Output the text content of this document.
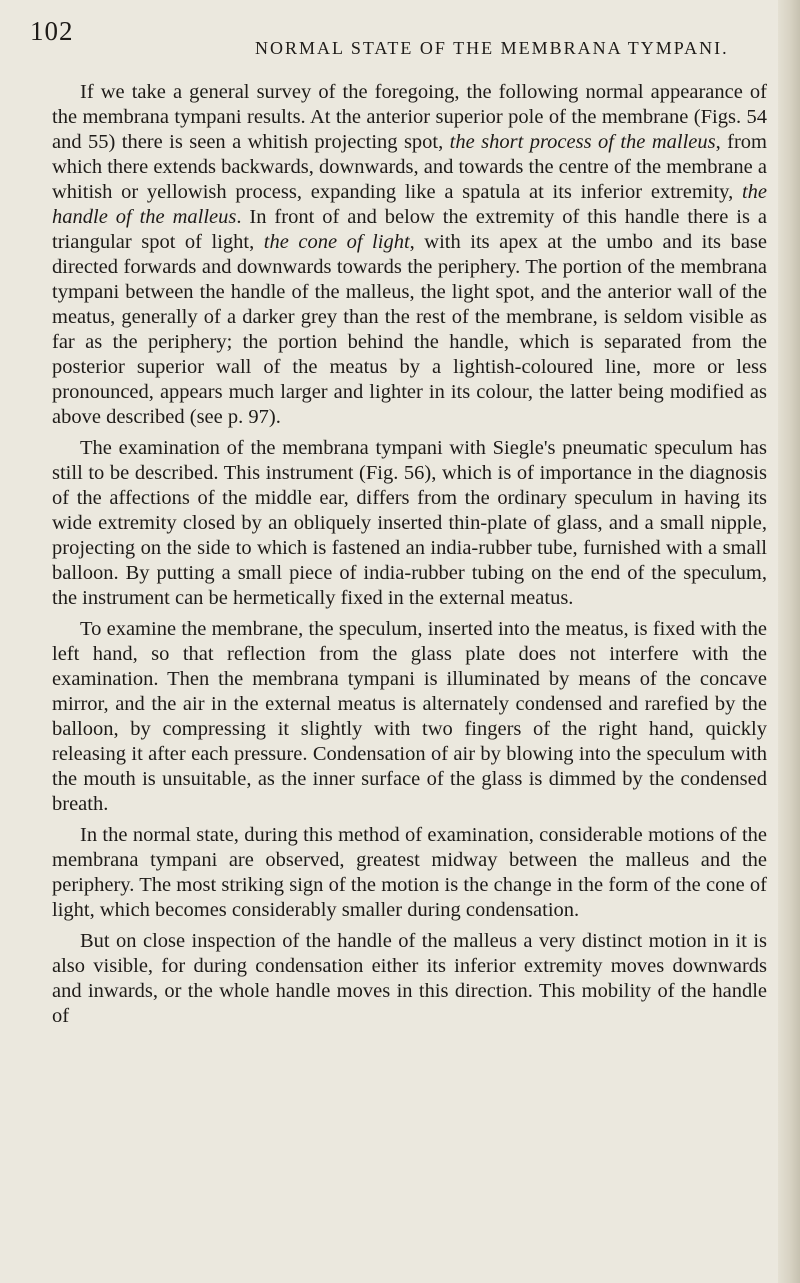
102
NORMAL STATE OF THE MEMBRANA TYMPANI.

If we take a general survey of the foregoing, the following normal appearance of the membrana tympani results. At the anterior superior pole of the membrane (Figs. 54 and 55) there is seen a whitish projecting spot, the short process of the malleus, from which there extends backwards, downwards, and towards the centre of the membrane a whitish or yellowish process, expanding like a spatula at its inferior extremity, the handle of the malleus. In front of and below the extremity of this handle there is a triangular spot of light, the cone of light, with its apex at the umbo and its base directed forwards and downwards towards the periphery. The portion of the membrana tympani between the handle of the malleus, the light spot, and the anterior wall of the meatus, generally of a darker grey than the rest of the membrane, is seldom visible as far as the periphery; the portion behind the handle, which is separated from the posterior superior wall of the meatus by a lightish-coloured line, more or less pronounced, appears much larger and lighter in its colour, the latter being modified as above described (see p. 97).

The examination of the membrana tympani with Siegle's pneumatic speculum has still to be described. This instrument (Fig. 56), which is of importance in the diagnosis of the affections of the middle ear, differs from the ordinary speculum in having its wide extremity closed by an obliquely inserted thin-plate of glass, and a small nipple, projecting on the side to which is fastened an india-rubber tube, furnished with a small balloon. By putting a small piece of india-rubber tubing on the end of the speculum, the instrument can be hermetically fixed in the external meatus.

To examine the membrane, the speculum, inserted into the meatus, is fixed with the left hand, so that reflection from the glass plate does not interfere with the examination. Then the membrana tympani is illuminated by means of the concave mirror, and the air in the external meatus is alternately condensed and rarefied by the balloon, by compressing it slightly with two fingers of the right hand, quickly releasing it after each pressure. Condensation of air by blowing into the speculum with the mouth is unsuitable, as the inner surface of the glass is dimmed by the condensed breath.

In the normal state, during this method of examination, considerable motions of the membrana tympani are observed, greatest midway between the malleus and the periphery. The most striking sign of the motion is the change in the form of the cone of light, which becomes considerably smaller during condensation.

But on close inspection of the handle of the malleus a very distinct motion in it is also visible, for during condensation either its inferior extremity moves downwards and inwards, or the whole handle moves in this direction. This mobility of the handle of
